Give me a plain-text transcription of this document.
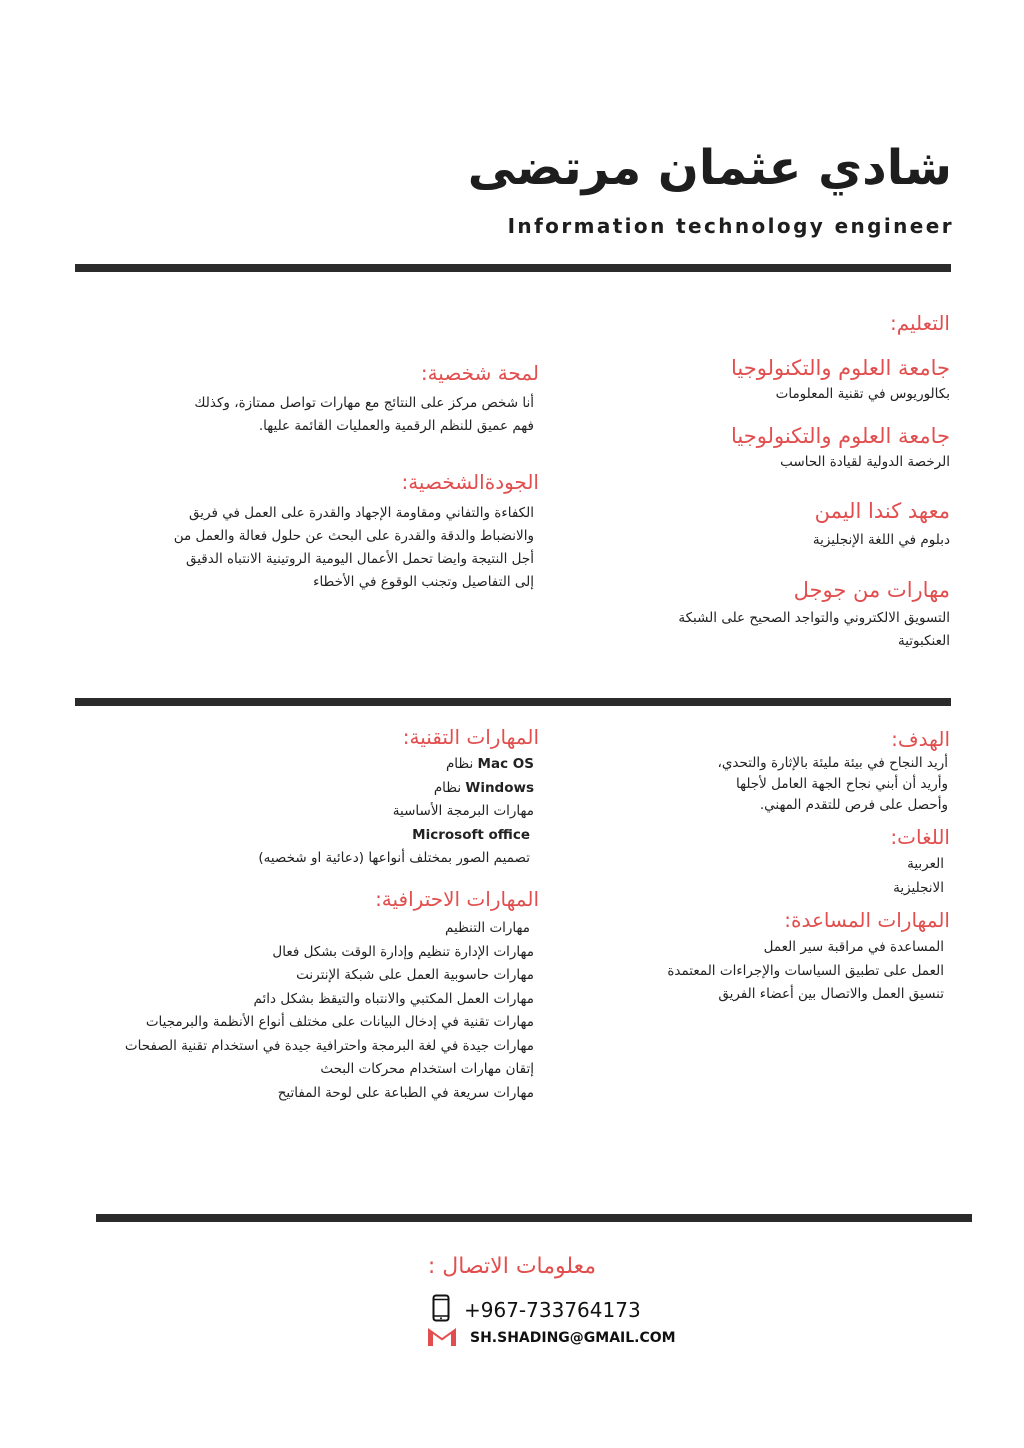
شادي عثمان مرتضى
Information technology engineer
التعليم:
جامعة العلوم والتكنولوجيا
بكالوريوس في تقنية المعلومات
جامعة العلوم والتكنولوجيا
الرخصة الدولية لقيادة الحاسب
معهد كندا اليمن
دبلوم في اللغة الإنجليزية
مهارات من جوجل
التسويق الالكتروني والتواجد الصحيح على الشبكة
العنكبوتية
لمحة شخصية:
أنا شخص مركز على النتائج مع مهارات تواصل ممتازة، وكذلك
فهم عميق للنظم الرقمية والعمليات القائمة عليها.
الجودةالشخصية:
الكفاءة والتفاني ومقاومة الإجهاد والقدرة على العمل في فريق
والانضباط والدقة والقدرة على البحث عن حلول فعالة والعمل من
أجل النتيجة وايضا تحمل الأعمال اليومية الروتينية الانتباه الدقيق
إلى التفاصيل وتجنب الوقوع في الأخطاء
الهدف:
أريد النجاح في بيئة مليئة بالإثارة والتحدي،
وأريد أن أبني نجاح الجهة العامل لأجلها
وأحصل على فرص للتقدم المهني.
اللغات:
العربية
الانجليزية
المهارات المساعدة:
المساعدة في مراقبة سير العمل
العمل على تطبيق السياسات والإجراءات المعتمدة
تنسيق العمل والاتصال بين أعضاء الفريق
المهارات التقنية:
Mac OS نظام
Windows نظام
مهارات البرمجة الأساسية
Microsoft office
تصميم الصور بمختلف أنواعها (دعائية او شخصيه)
المهارات الاحترافية:
مهارات التنظيم
مهارات الإدارة تنظيم وإدارة الوقت بشكل فعال
مهارات حاسوبية العمل على شبكة الإنترنت
مهارات العمل المكتبي والانتباه والتيقظ بشكل دائم
مهارات تقنية في إدخال البيانات على مختلف أنواع الأنظمة والبرمجيات
مهارات جيدة في لغة البرمجة واحترافية جيدة في استخدام تقنية الصفحات
إتقان مهارات استخدام محركات البحث
مهارات سريعة في الطباعة على لوحة المفاتيح
معلومات الاتصال :
+967-733764173
SH.SHADING@GMAIL.COM
